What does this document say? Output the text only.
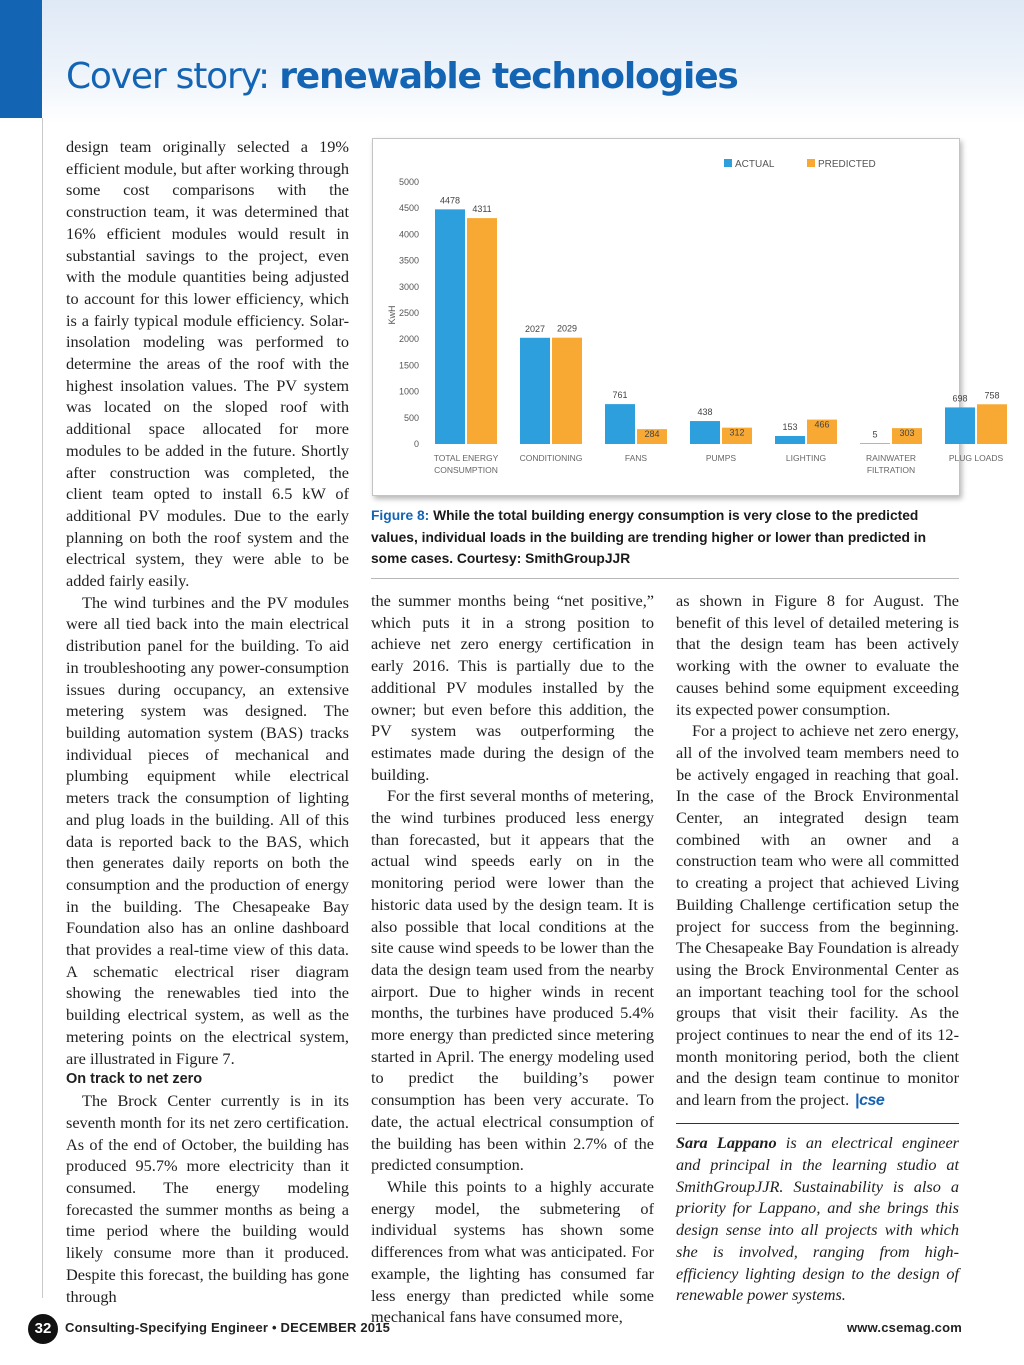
Cover story: renewable technologies

design team originally selected a 19% efficient module, but after working through some cost comparisons with the construction team, it was determined that 16% efficient modules would result in substantial savings to the project, even with the module quantities being adjusted to account for this lower efficiency, which is a fairly typical module efficiency. Solar-insolation modeling was performed to determine the areas of the roof with the highest insolation values. The PV system was located on the sloped roof with additional space allocated for more modules to be added in the future. Shortly after construction was completed, the client team opted to install 6.5 kW of additional PV modules. Due to the early planning on both the roof system and the electrical system, they were able to be added fairly easily.

The wind turbines and the PV modules were all tied back into the main electrical distribution panel for the building. To aid in troubleshooting any power-consumption issues during occupancy, an extensive metering system was designed. The building automation system (BAS) tracks individual pieces of mechanical and plumbing equipment while electrical meters track the consumption of lighting and plug loads in the building. All of this data is reported back to the BAS, which then generates daily reports on both the consumption and the production of energy in the building. The Chesapeake Bay Foundation also has an online dashboard that provides a real-time view of this data. A schematic electrical riser diagram showing the renewables tied into the building electrical system, as well as the metering points on the electrical system, are illustrated in Figure 7.

On track to net zero

The Brock Center currently is in its seventh month for its net zero certification. As of the end of October, the building has produced 95.7% more electricity than it consumed. The energy modeling forecasted the summer months as being a time period where the building would likely consume more than it produced. Despite this forecast, the building has gone through

0
500
1000
1500
2000
2500
3000
3500
4000
4500
5000
KwH
ACTUAL	PREDICTED
4478
4311
TOTAL ENERGY
CONSUMPTION
2027 2029
CONDITIONING
761
284
FANS
438
312
PUMPS
153 466
LIGHTING
5 303
RAINWATER
FILTRATION
698 758
PLUG LOADS

Figure 8: While the total building energy consumption is very close to the predicted values, individual loads in the building are trending higher or lower than predicted in some cases. Courtesy: SmithGroupJJR

the summer months being “net positive,” which puts it in a strong position to achieve net zero energy certification in early 2016. This is partially due to the additional PV modules installed by the owner; but even before this addition, the PV system was outperforming the estimates made during the design of the building.

For the first several months of metering, the wind turbines produced less energy than forecasted, but it appears that the actual wind speeds early on in the monitoring period were lower than the historic data used by the design team. It is also possible that local conditions at the site cause wind speeds to be lower than the data the design team used from the nearby airport. Due to higher winds in recent months, the turbines have produced 5.4% more energy than predicted since metering started in April. The energy modeling used to predict the building’s power consumption has been very accurate. To date, the actual electrical consumption of the building has been within 2.7% of the predicted consumption.

While this points to a highly accurate energy model, the submetering of individual systems has shown some differences from what was anticipated. For example, the lighting has consumed far less energy than predicted while some mechanical fans have consumed more,

as shown in Figure 8 for August. The benefit of this level of detailed metering is that the design team has been actively working with the owner to evaluate the causes behind some equipment exceeding its expected power consumption.

For a project to achieve net zero energy, all of the involved team members need to be actively engaged in reaching that goal. In the case of the Brock Environmental Center, an integrated design team combined with an owner and a construction team who were all committed to creating a project that achieved Living Building Challenge certification setup the project for success from the beginning. The Chesapeake Bay Foundation is already using the Brock Environmental Center as an important teaching tool for the school groups that visit their facility. As the project continues to near the end of its 12-month monitoring period, both the client and the design team continue to monitor and learn from the project. |cse

Sara Lappano is an electrical engineer and principal in the learning studio at SmithGroupJJR. Sustainability is also a priority for Lappano, and she brings this design sense into all projects with which she is involved, ranging from high-efficiency lighting design to the design of renewable power systems.

32	Consulting-Specifying Engineer • DECEMBER 2015	www.csemag.com
